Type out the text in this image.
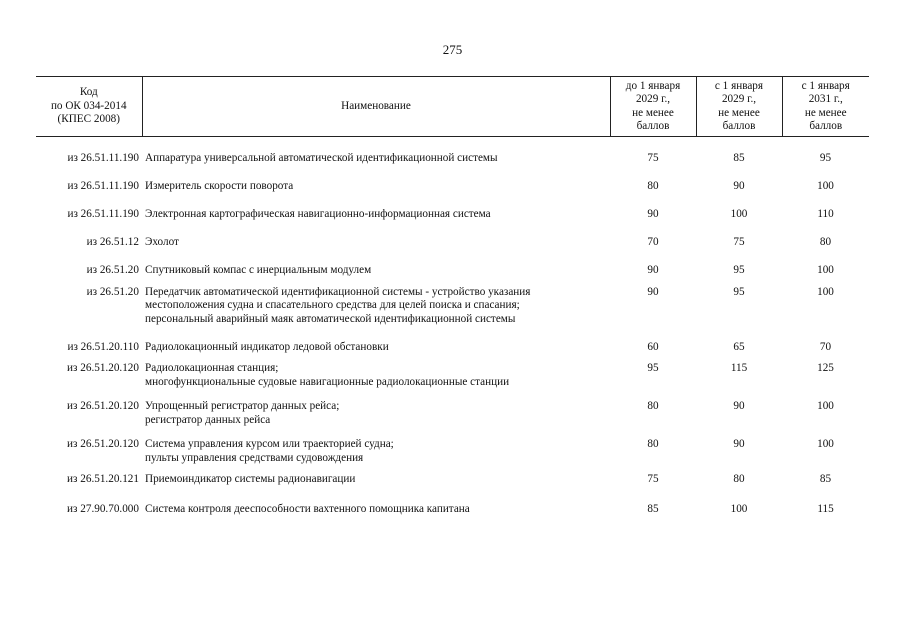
275
Код
по ОК 034-2014
(КПЕС 2008)	Наименование	до 1 января
2029 г.,
не менее
баллов	с 1 января
2029 г.,
не менее
баллов	с 1 января
2031 г.,
не менее
баллов

из 26.51.11.190	Аппаратура универсальной автоматической идентификационной системы	75	85	95

из 26.51.11.190	Измеритель скорости поворота	80	90	100

из 26.51.11.190	Электронная картографическая навигационно-информационная система	90	100	110

из 26.51.12	Эхолот	70	75	80

из 26.51.20	Спутниковый компас с инерциальным модулем	90	95	100

из 26.51.20	Передатчик автоматической идентификационной системы - устройство указания
местоположения судна и спасательного средства для целей поиска и спасания;
персональный аварийный маяк автоматической идентификационной системы	90	95	100

из 26.51.20.110	Радиолокационный индикатор ледовой обстановки	60	65	70

из 26.51.20.120	Радиолокационная станция;
многофункциональные судовые навигационные радиолокационные станции	95	115	125

из 26.51.20.120	Упрощенный регистратор данных рейса;
регистратор данных рейса	80	90	100

из 26.51.20.120	Система управления курсом или траекторией судна;
пульты управления средствами судовождения	80	90	100

из 26.51.20.121	Приемоиндикатор системы радионавигации	75	80	85

из 27.90.70.000	Система контроля дееспособности вахтенного помощника капитана	85	100	115
